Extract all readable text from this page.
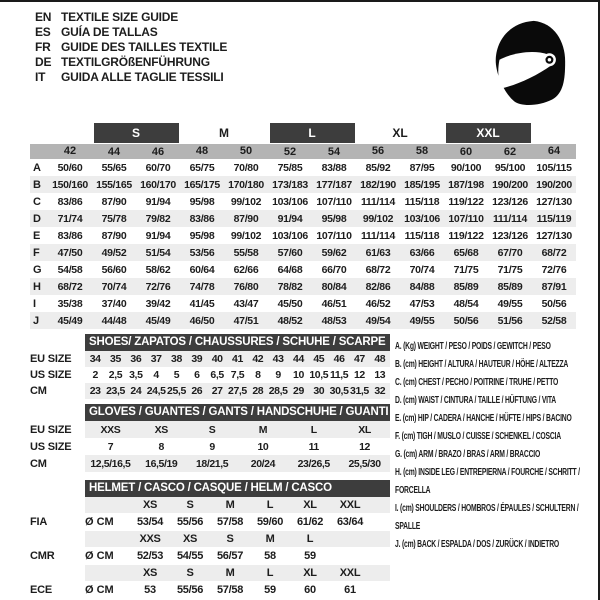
EN TEXTILE SIZE GUIDE
ES GUÍA DE TALLAS
FR GUIDE DES TAILLES TEXTILE
DE TEXTILGRÖßENFÜHRUNG
IT	GUIDA ALLE TAGLIE TESSILI
		S		M		L		XL		XXL		
	42	44	46	48	50	52	54	56	58	60	62	64
A	50/60	55/65	60/70	65/75	70/80	75/85	83/88	85/92	87/95	90/100	95/100	105/115
B	150/160	155/165	160/170	165/175	170/180	173/183	177/187	182/190	185/195	187/198	190/200	190/200
C	83/86	87/90	91/94	95/98	99/102	103/106	107/110	111/114	115/118	119/122	123/126	127/130
D	71/74	75/78	79/82	83/86	87/90	91/94	95/98	99/102	103/106	107/110	111/114	115/119
E	83/86	87/90	91/94	95/98	99/102	103/106	107/110	111/114	115/118	119/122	123/126	127/130
F	47/50	49/52	51/54	53/56	55/58	57/60	59/62	61/63	63/66	65/68	67/70	68/72
G	54/58	56/60	58/62	60/64	62/66	64/68	66/70	68/72	70/74	71/75	71/75	72/76
H	68/72	70/74	72/76	74/78	76/80	78/82	80/84	82/86	84/88	85/89	85/89	87/91
I	35/38	37/40	39/42	41/45	43/47	45/50	46/51	46/52	47/53	48/54	49/55	50/56
J	45/49	44/48	45/49	46/50	47/51	48/52	48/53	49/54	49/55	50/56	51/56	52/58
SHOES/ ZAPATOS / CHAUSSURES / SCHUHE / SCARPE
EU SIZE	34 35 36 37 38 39 40 41 42 43 44 45 46 47 48
US SIZE	2	2,5 3,5	4	5	6	6,5 7,5	8	9	10 10,5 11,5 12 13
CM	23 23,5 24 24,5 25,5 26 27 27,5 28 28,5 29 30 30,5 31,5 32
GLOVES / GUANTES / GANTS / HANDSCHUHE / GUANTI
EU SIZE	XXS	XS	S	M	L	XL
US SIZE	7	8	9	10	11	12
CM	12,5/16,5	16,5/19	18/21,5	20/24	23/26,5	25,5/30
HELMET / CASCO / CASQUE / HELM / CASCO
XS	S	M	L	XL	XXL
FIA	Ø CM	53/54	55/56	57/58	59/60	61/62	63/64
XXS	XS	S	M	L
CMR	Ø CM	52/53	54/55	56/57	58	59
XS	S	M	L	XL	XXL
ECE	Ø CM	53	55/56	57/58	59	60	61
A. (Kg) WEIGHT / PESO / POIDS / GEWITCH / PESO
B. (cm) HEIGHT / ALTURA / HAUTEUR / HÖHE / ALTEZZA
C. (cm) CHEST / PECHO / POITRINE / TRUHE / PETTO
D. (cm) WAIST / CINTURA / TAILLE / HÜFTUNG / VITA
E. (cm) HIP / CADERA / HANCHE / HÜFTE / HIPS / BACINO
F. (cm) TIGH / MUSLO / CUISSE / SCHENKEL / COSCIA
G. (cm) ARM / BRAZO / BRAS / ARM / BRACCIO
H. (cm) INSIDE LEG / ENTREPIERNA / FOURCHE / SCHRITT / FORCELLA
I. (cm) SHOULDERS / HOMBROS / ÉPAULES / SCHULTERN / SPALLE
J. (cm) BACK / ESPALDA / DOS / ZURÜCK / INDIETRO
